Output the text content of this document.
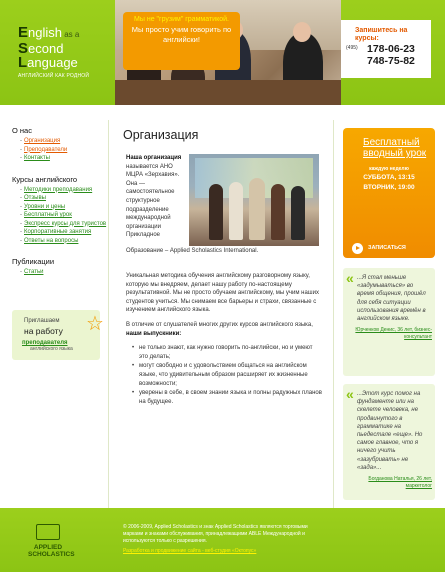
English as a
Second
Language
АНГЛИЙСКИЙ КАК РОДНОЙ
Мы не "грузим" грамматикой.
Мы просто учим говорить по английски!
Запишитесь на курсы:
(495) 178-06-23
748-75-82
О нас
- Организация
- Преподаватели
- Контакты
Курсы английского
- Методики преподавания
- Отзывы
- Уровни и цены
- Бесплатный урок
- Экспресс курсы для туристов
- Корпоративные занятия
- Ответы на вопросы
Публикации
- Статьи
Приглашаем
на работу	☆
преподавателя
английского языка
Организация
Наша организация называется АНО МЦРА «Зерхавия». Она — самостоятельное структурное подразделение международной организации Прикладное
Образование – Applied Scholastics International.
Уникальная методика обучения английскому разговорному языку, которую мы внедряем, делает нашу работу по-настоящему результативной. Мы не просто обучаем английскому, мы учим наших студентов учиться. Мы снимаем все барьеры и страхи, связанные с изучением английского языка.
В отличие от слушателей многих других курсов английского языка, наши выпускники:
• не только знают, как нужно говорить по-английски, но и умеют это делать;
• могут свободно и с удовольствием общаться на английском языке, что удивительным образом расширяет их жизненные возможности;
• уверены в себе, в своем знании языка и полны радужных планов на будущее.
Бесплатный вводный урок
каждую неделю
СУББОТА, 13:15
ВТОРНИК, 19:00
ЗАПИСАТЬСЯ
« ...Я стал меньше «задумываться» во время общения, прошёл для себя ситуации использования времён в английском языке.
Юрченков Денис, 36 лет, бизнес-консультант
« ...Этот курс помог на фундаменте или на скелете человека, не продвинутого в грамматике на пьедестале «еще». Но самое главное, что я ничего учить «зазубривать» не «зада»...
Богданова Наталья, 26 лет, маркетолог
APPLIED
SCHOLASTICS
© 2006-2009, Applied Scholastics и знак Applied Scholastics являются торговыми марками и знаками обслуживания, принадлежащими ABLE Международной и используются только с разрешения.
Разработка и продвижение сайта - веб-студия «Октопус»
